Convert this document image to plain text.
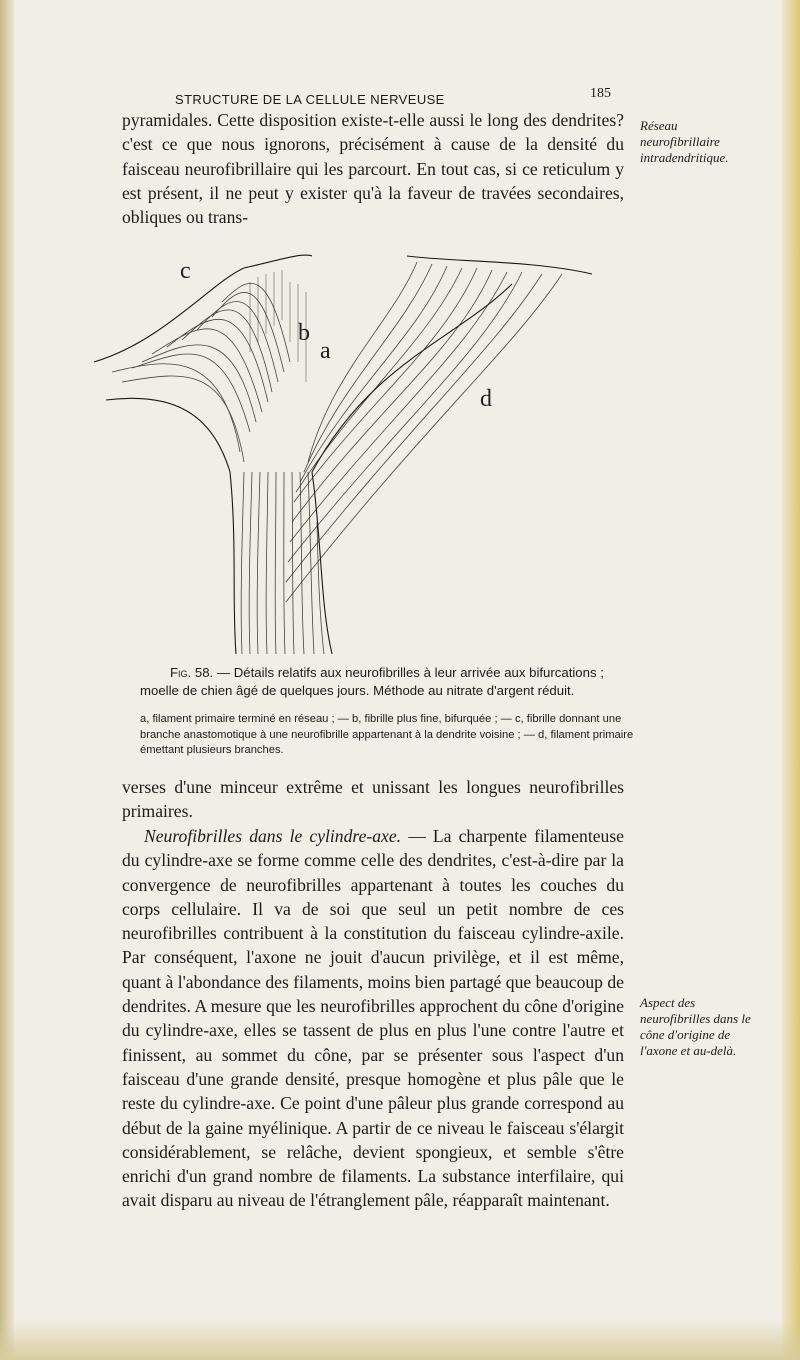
STRUCTURE DE LA CELLULE NERVEUSE	185

pyramidales. Cette disposition existe-t-elle aussi le long des dendrites? c'est ce que nous ignorons, précisément à cause de la densité du faisceau neurofibrillaire qui les parcourt. En tout cas, si ce reticulum y est présent, il ne peut y exister qu'à la faveur de travées secondaires, obliques ou trans-

Réseau neurofibrillaire intradendritique.
c
b
a
d

Fig. 58. — Détails relatifs aux neurofibrilles à leur arrivée aux bifurcations ; moelle de chien âgé de quelques jours. Méthode au nitrate d'argent réduit.

a, filament primaire terminé en réseau ; — b, fibrille plus fine, bifurquée ; — c, fibrille donnant une branche anastomotique à une neurofibrille appartenant à la dendrite voisine ; — d, filament primaire émettant plusieurs branches.

verses d'une minceur extrême et unissant les longues neurofibrilles primaires.

Neurofibrilles dans le cylindre-axe. — La charpente filamenteuse du cylindre-axe se forme comme celle des dendrites, c'est-à-dire par la convergence de neurofibrilles appartenant à toutes les couches du corps cellulaire. Il va de soi que seul un petit nombre de ces neurofibrilles contribuent à la constitution du faisceau cylindre-axile. Par conséquent, l'axone ne jouit d'aucun privilège, et il est même, quant à l'abondance des filaments, moins bien partagé que beaucoup de dendrites. A mesure que les neurofibrilles approchent du cône d'origine du cylindre-axe, elles se tassent de plus en plus l'une contre l'autre et finissent, au sommet du cône, par se présenter sous l'aspect d'un faisceau d'une grande densité, presque homogène et plus pâle que le reste du cylindre-axe. Ce point d'une pâleur plus grande correspond au début de la gaine myélinique. A partir de ce niveau le faisceau s'élargit considérablement, se relâche, devient spongieux, et semble s'être enrichi d'un grand nombre de filaments. La substance interfilaire, qui avait disparu au niveau de l'étranglement pâle, réapparaît maintenant.

Aspect des neurofibrilles dans le cône d'origine de l'axone et au-delà.
